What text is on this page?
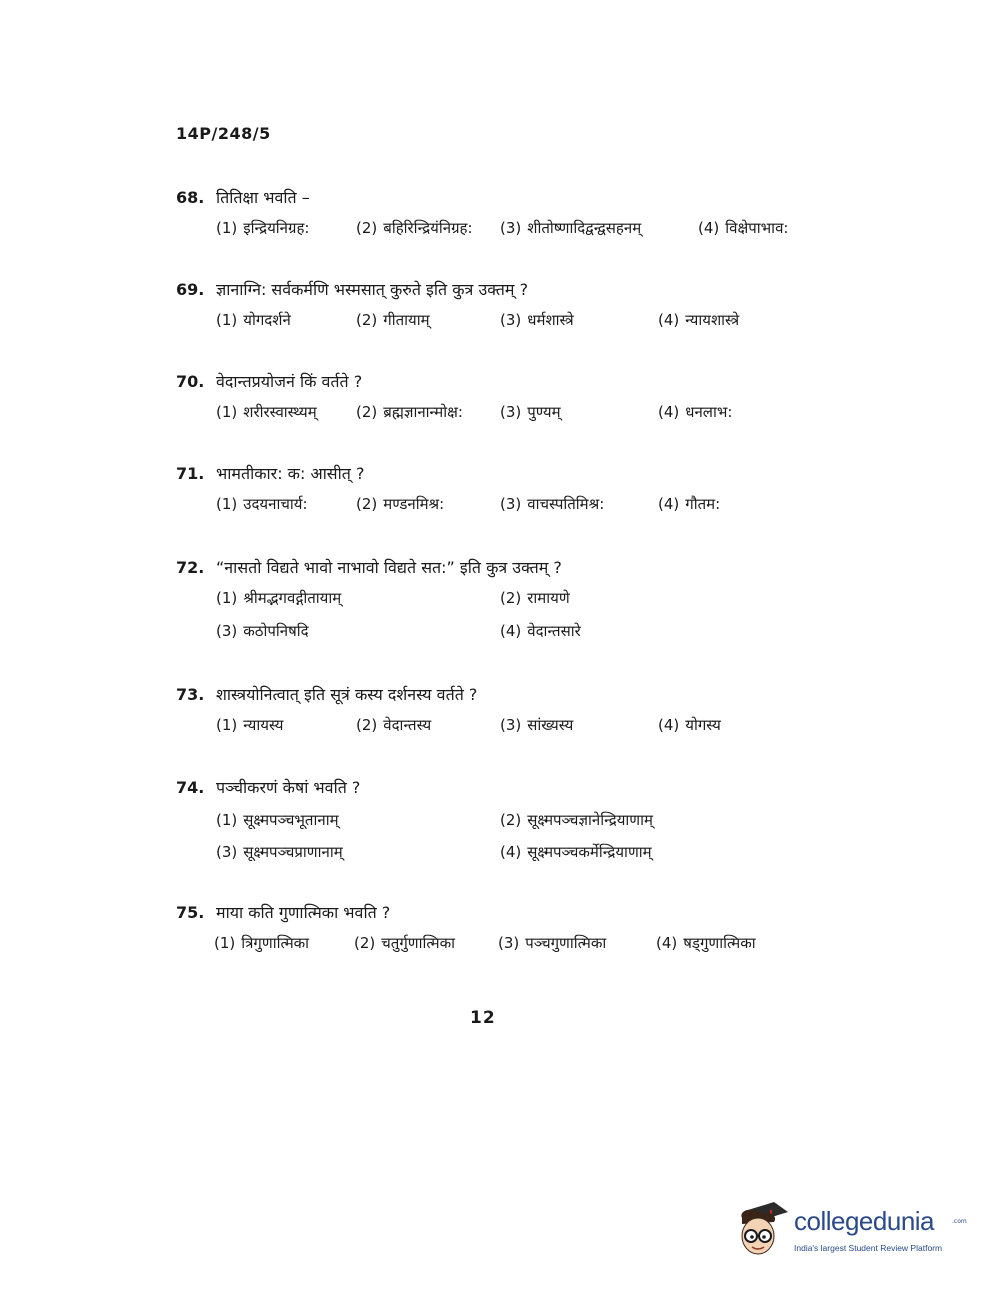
14P/248/5
68. तितिक्षा भवति –
(1) इन्द्रियनिग्रह:	(2) बहिरिन्द्रियंनिग्रह: (3) शीतोष्णादिद्वन्द्वसहनम्	(4) विक्षेपाभाव:
69. ज्ञानाग्नि: सर्वकर्मणि भस्मसात् कुरुते इति कुत्र उक्तम् ?
(1) योगदर्शने	(2) गीतायाम्	(3) धर्मशास्त्रे	(4) न्यायशास्त्रे
70. वेदान्तप्रयोजनं किं वर्तते ?
(1) शरीरस्वास्थ्यम्	(2) ब्रह्मज्ञानान्मोक्ष: (3) पुण्यम्	(4) धनलाभ:
71. भामतीकार: क: आसीत् ?
(1) उदयनाचार्य:	(2) मण्डनमिश्र:	(3) वाचस्पतिमिश्र:	(4) गौतम:
72. “नासतो विद्यते भावो नाभावो विद्यते सत:” इति कुत्र उक्तम् ?
(1) श्रीमद्भगवद्गीतायाम्	(2) रामायणे
(3) कठोपनिषदि	(4) वेदान्तसारे
73. शास्त्रयोनित्वात् इति सूत्रं कस्य दर्शनस्य वर्तते ?
(1) न्यायस्य	(2) वेदान्तस्य	(3) सांख्यस्य	(4) योगस्य
74. पञ्चीकरणं केषां भवति ?
(1) सूक्ष्मपञ्चभूतानाम्	(2) सूक्ष्मपञ्चज्ञानेन्द्रियाणाम्
(3) सूक्ष्मपञ्चप्राणानाम्	(4) सूक्ष्मपञ्चकर्मेन्द्रियाणाम्
75. माया कति गुणात्मिका भवति ?
(1) त्रिगुणात्मिका	(2) चतुर्गुणात्मिका	(3) पञ्चगुणात्मिका	(4) षड्गुणात्मिका
12
collegedunia	.com
India's largest Student Review Platform
